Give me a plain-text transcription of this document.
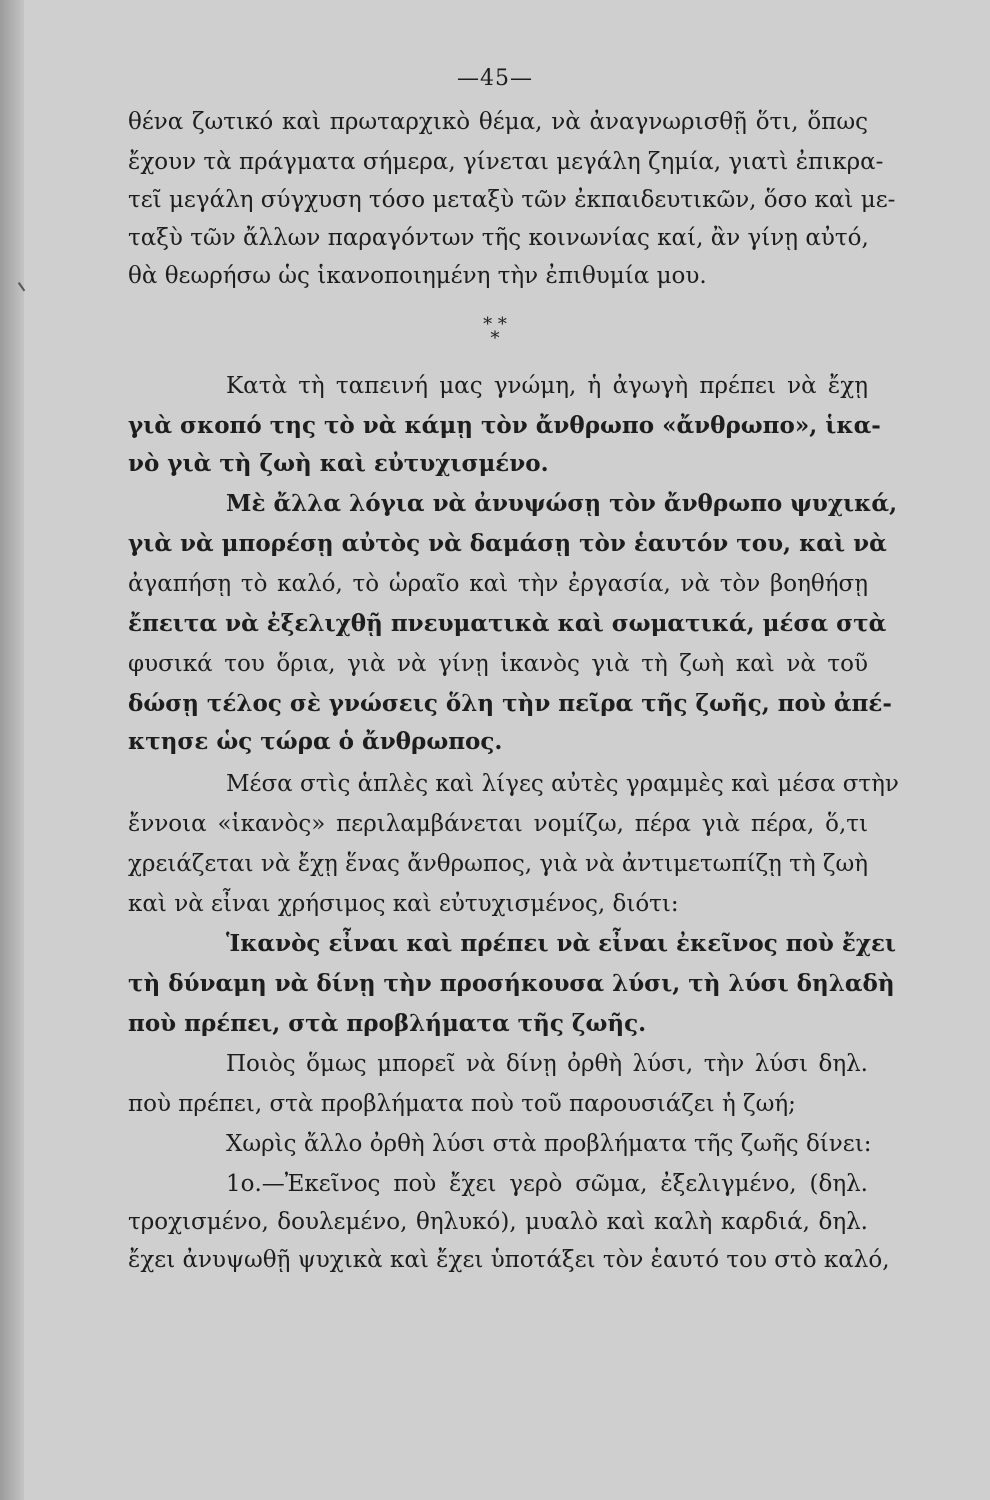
—45—
θένα ζωτικό καὶ πρωταρχικὸ θέμα, νὰ ἀναγνωρισθῇ ὅτι, ὅπως
ἔχουν τὰ πράγματα σήμερα, γίνεται μεγάλη ζημία, γιατὶ ἐπικρα-
τεῖ μεγάλη σύγχυση τόσο μεταξὺ τῶν ἐκπαιδευτικῶν, ὅσο καὶ με-
ταξὺ τῶν ἄλλων παραγόντων τῆς κοινωνίας καί, ἂν γίνῃ αὐτό,
θὰ θεωρήσω ὡς ἱκανοποιημένη τὴν ἐπιθυμία μου.
* *
*
Κατὰ τὴ ταπεινή μας γνώμη, ἡ ἀγωγὴ πρέπει νὰ ἔχῃ
γιὰ σκοπό της τὸ νὰ κάμῃ τὸν ἄνθρωπο «ἄνθρωπο», ἱκα-
νὸ γιὰ τὴ ζωὴ καὶ εὐτυχισμένο.
Μὲ ἄλλα λόγια νὰ ἀνυψώσῃ τὸν ἄνθρωπο ψυχικά,
γιὰ νὰ μπορέσῃ αὐτὸς νὰ δαμάσῃ τὸν ἑαυτόν του, καὶ νὰ
ἀγαπήσῃ τὸ καλό, τὸ ὡραῖο καὶ τὴν ἐργασία, νὰ τὸν βοηθήσῃ
ἔπειτα νὰ ἐξελιχθῇ πνευματικὰ καὶ σωματικά, μέσα στὰ
φυσικά του ὅρια, γιὰ νὰ γίνῃ ἱκανὸς γιὰ τὴ ζωὴ καὶ νὰ τοῦ
δώσῃ τέλος σὲ γνώσεις ὅλη τὴν πεῖρα τῆς ζωῆς, ποὺ ἀπέ-
κτησε ὡς τώρα ὁ ἄνθρωπος.
Μέσα στὶς ἁπλὲς καὶ λίγες αὐτὲς γραμμὲς καὶ μέσα στὴν
ἔννοια «ἱκανὸς» περιλαμβάνεται νομίζω, πέρα γιὰ πέρα, ὅ,τι
χρειάζεται νὰ ἔχῃ ἕνας ἄνθρωπος, γιὰ νὰ ἀντιμετωπίζῃ τὴ ζωὴ
καὶ νὰ εἶναι χρήσιμος καὶ εὐτυχισμένος, διότι:
Ἱκανὸς εἶναι καὶ πρέπει νὰ εἶναι ἐκεῖνος ποὺ ἔχει
τὴ δύναμη νὰ δίνῃ τὴν προσήκουσα λύσι, τὴ λύσι δηλαδὴ
ποὺ πρέπει, στὰ προβλήματα τῆς ζωῆς.
Ποιὸς ὅμως μπορεῖ νὰ δίνῃ ὀρθὴ λύσι, τὴν λύσι δηλ.
ποὺ πρέπει, στὰ προβλήματα ποὺ τοῦ παρουσιάζει ἡ ζωή;
Χωρὶς ἄλλο ὀρθὴ λύσι στὰ προβλήματα τῆς ζωῆς δίνει:
1ο.—Ἐκεῖνος ποὺ ἔχει γερὸ σῶμα, ἐξελιγμένο, (δηλ.
τροχισμένο, δουλεμένο, θηλυκό), μυαλὸ καὶ καλὴ καρδιά, δηλ.
ἔχει ἀνυψωθῇ ψυχικὰ καὶ ἔχει ὑποτάξει τὸν ἑαυτό του στὸ καλό,
